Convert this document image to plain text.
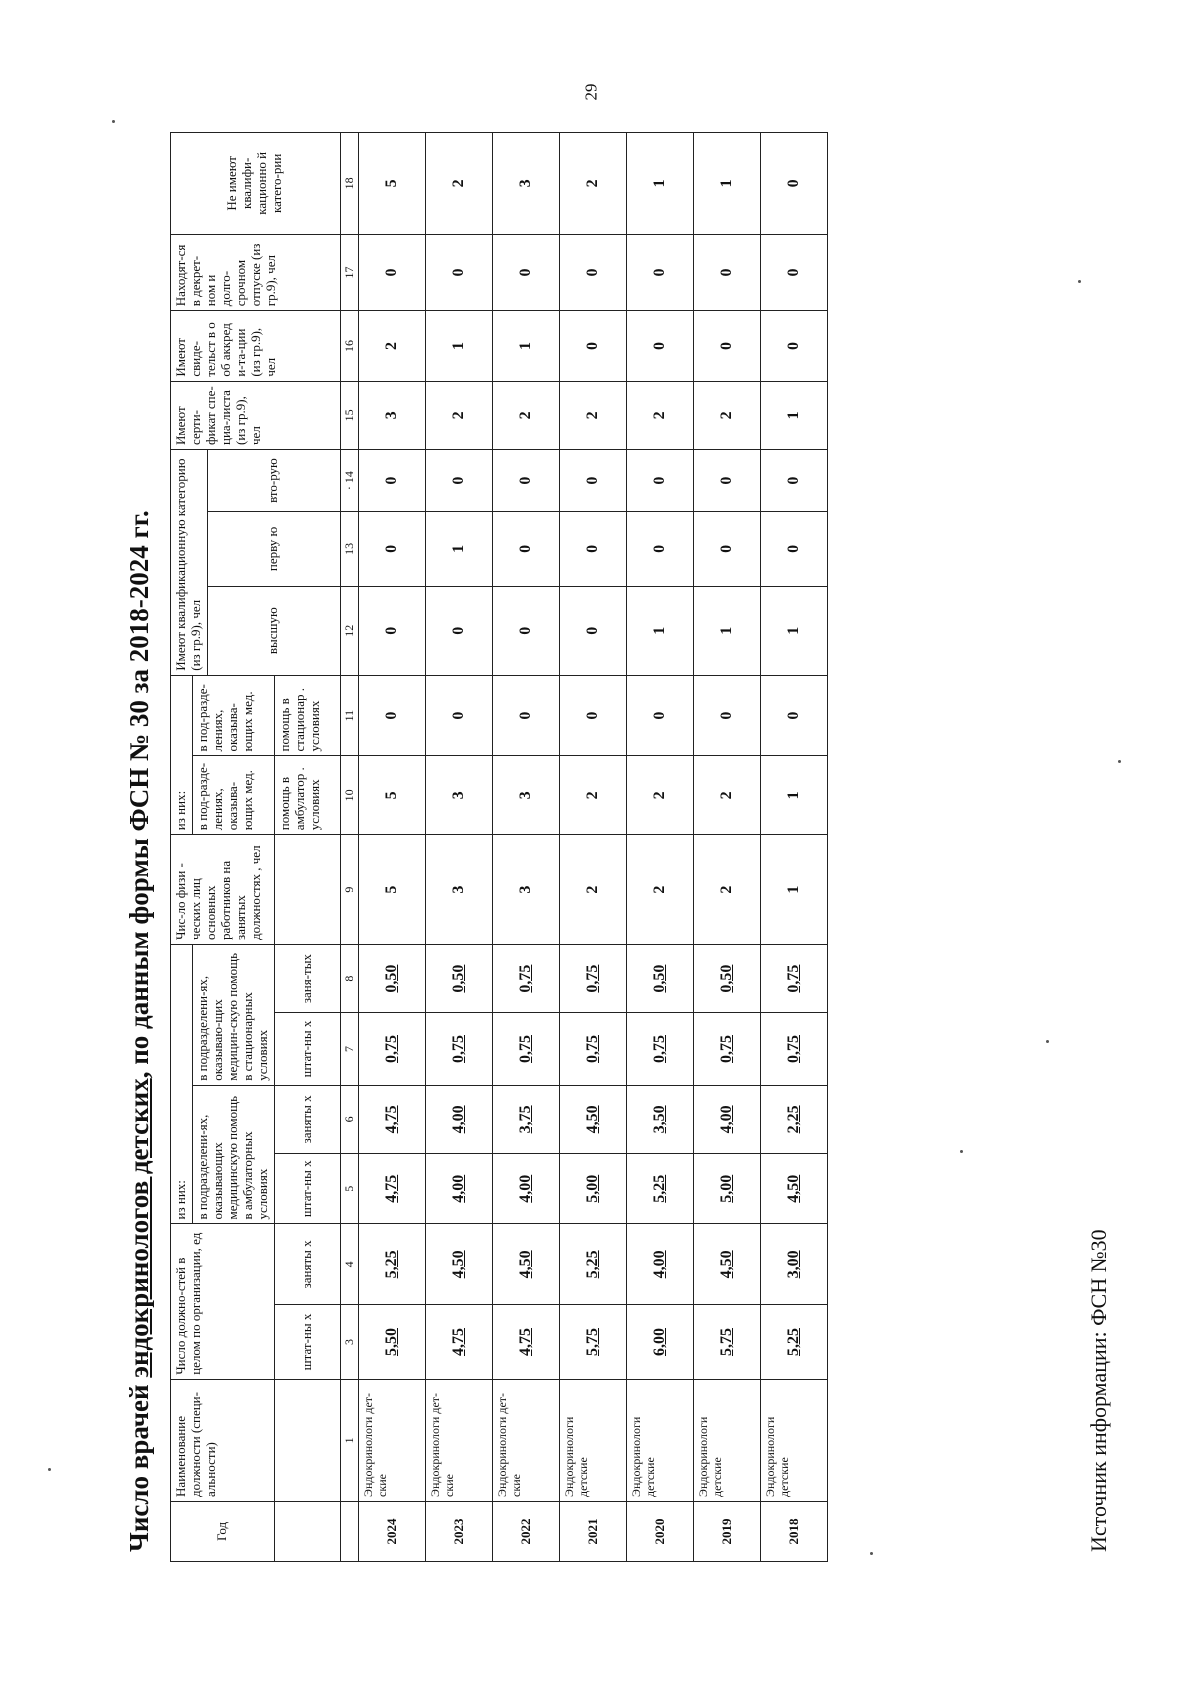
29
Число врачей эндокринологов детских, по данным формы ФСН № 30 за 2018-2024 гг.
Год	Наименование должности (специ-альности)	Число должно-стей в целом по организации, ед		из них:				Чис-ло физи - ческих лиц основных работников на занятых должностях , чел	из них:		Имеют квалификационную категорию (из гр.9), чел			Имеют серти-фикат спе-циа-листа (из гр.9), чел	Имеют свиде-тельст в о об аккред и-та-ции (из гр.9), чел	Находят-ся в декрет-ном и долго-срочном отпуске (из гр.9), чел	Не имеют квалифи-кационно й катего-рии
				в подразделени-ях, оказывающих медицинскую помощь в амбулаторных условиях		в подразделени-ях, оказываю-щих медицин-скую помощь в стационарных условиях			в под-разде-лениях, оказыва-ющих мед.	в под-разде-лениях, оказыва-ющих мед.							
											высшую	перву ю	вто-рую				
		штат-ны х	заняты х	штат-ны х	заняты х	штат-ны х	заня-тых		помощь в амбулатор . условиях	помощь в стационар . условиях							
	1	3	4	5	6	7	8	9	10	11	12	13	· 14	15	16	17	18
2024	Эндокринологи дет-ские	5,50	5,25	4,75	4,75	0,75	0,50	5	5	0	0	0	0	3	2	0	5
2023	Эндокринологи дет-ские	4,75	4,50	4,00	4,00	0,75	0,50	3	3	0	0	1	0	2	1	0	2
2022	Эндокринологи дет-ские	4,75	4,50	4,00	3,75	0,75	0,75	3	3	0	0	0	0	2	1	0	3
2021	Эндокринологи детские	5,75	5,25	5,00	4,50	0,75	0,75	2	2	0	0	0	0	2	0	0	2
2020	Эндокринологи детские	6,00	4,00	5,25	3,50	0,75	0,50	2	2	0	1	0	0	2	0	0	1
2019	Эндокринологи детские	5,75	4,50	5,00	4,00	0,75	0,50	2	2	0	1	0	0	2	0	0	1
2018	Эндокринологи детские	5,25	3,00	4,50	2,25	0,75	0,75	1	1	0	1	0	0	1	0	0	0
Источник информации: ФСН №30
